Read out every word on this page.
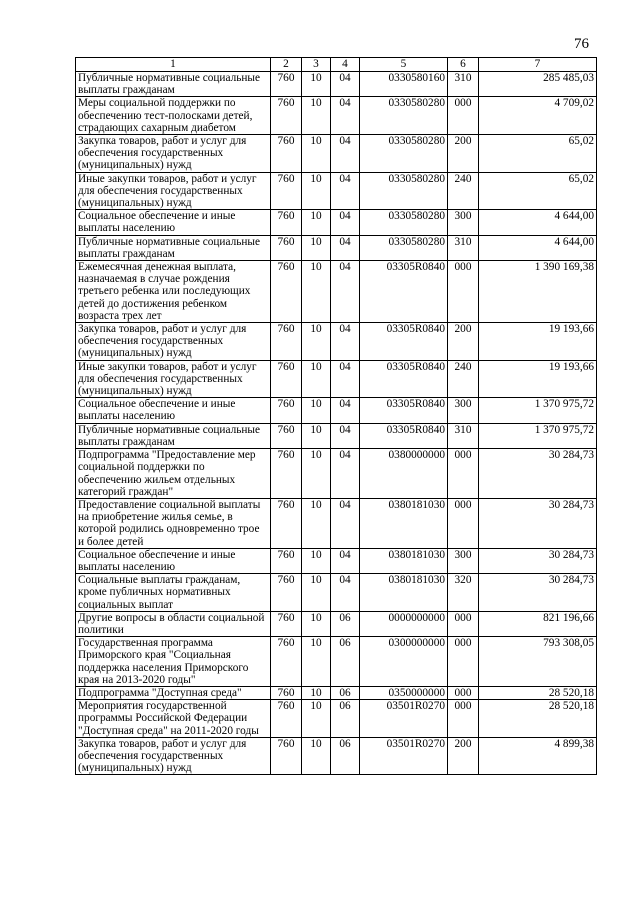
76
1	2	3	4	5	6	7
Публичные нормативные социальные выплаты гражданам	760	10	04	0330580160	310	285 485,03
Меры социальной поддержки по обеспечению тест-полосками детей, страдающих сахарным диабетом	760	10	04	0330580280	000	4 709,02
Закупка товаров, работ и услуг для обеспечения государственных (муниципальных) нужд	760	10	04	0330580280	200	65,02
Иные закупки товаров, работ и услуг для обеспечения государственных (муниципальных) нужд	760	10	04	0330580280	240	65,02
Социальное обеспечение и иные выплаты населению	760	10	04	0330580280	300	4 644,00
Публичные нормативные социальные выплаты гражданам	760	10	04	0330580280	310	4 644,00
Ежемесячная денежная выплата, назначаемая в случае рождения третьего ребенка или последующих детей до достижения ребенком возраста трех лет	760	10	04	03305R0840	000	1 390 169,38
Закупка товаров, работ и услуг для обеспечения государственных (муниципальных) нужд	760	10	04	03305R0840	200	19 193,66
Иные закупки товаров, работ и услуг для обеспечения государственных (муниципальных) нужд	760	10	04	03305R0840	240	19 193,66
Социальное обеспечение и иные выплаты населению	760	10	04	03305R0840	300	1 370 975,72
Публичные нормативные социальные выплаты гражданам	760	10	04	03305R0840	310	1 370 975,72
Подпрограмма "Предоставление мер социальной поддержки по обеспечению жильем отдельных категорий граждан"	760	10	04	0380000000	000	30 284,73
Предоставление социальной выплаты на приобретение жилья семье, в которой родились одновременно трое и более детей	760	10	04	0380181030	000	30 284,73
Социальное обеспечение и иные выплаты населению	760	10	04	0380181030	300	30 284,73
Социальные выплаты гражданам, кроме публичных нормативных социальных выплат	760	10	04	0380181030	320	30 284,73
Другие вопросы в области социальной политики	760	10	06	0000000000	000	821 196,66
Государственная программа Приморского края "Социальная поддержка населения Приморского края на 2013-2020 годы"	760	10	06	0300000000	000	793 308,05
Подпрограмма "Доступная среда"	760	10	06	0350000000	000	28 520,18
Мероприятия государственной программы Российской Федерации "Доступная среда" на 2011-2020 годы	760	10	06	03501R0270	000	28 520,18
Закупка товаров, работ и услуг для обеспечения государственных (муниципальных) нужд	760	10	06	03501R0270	200	4 899,38
